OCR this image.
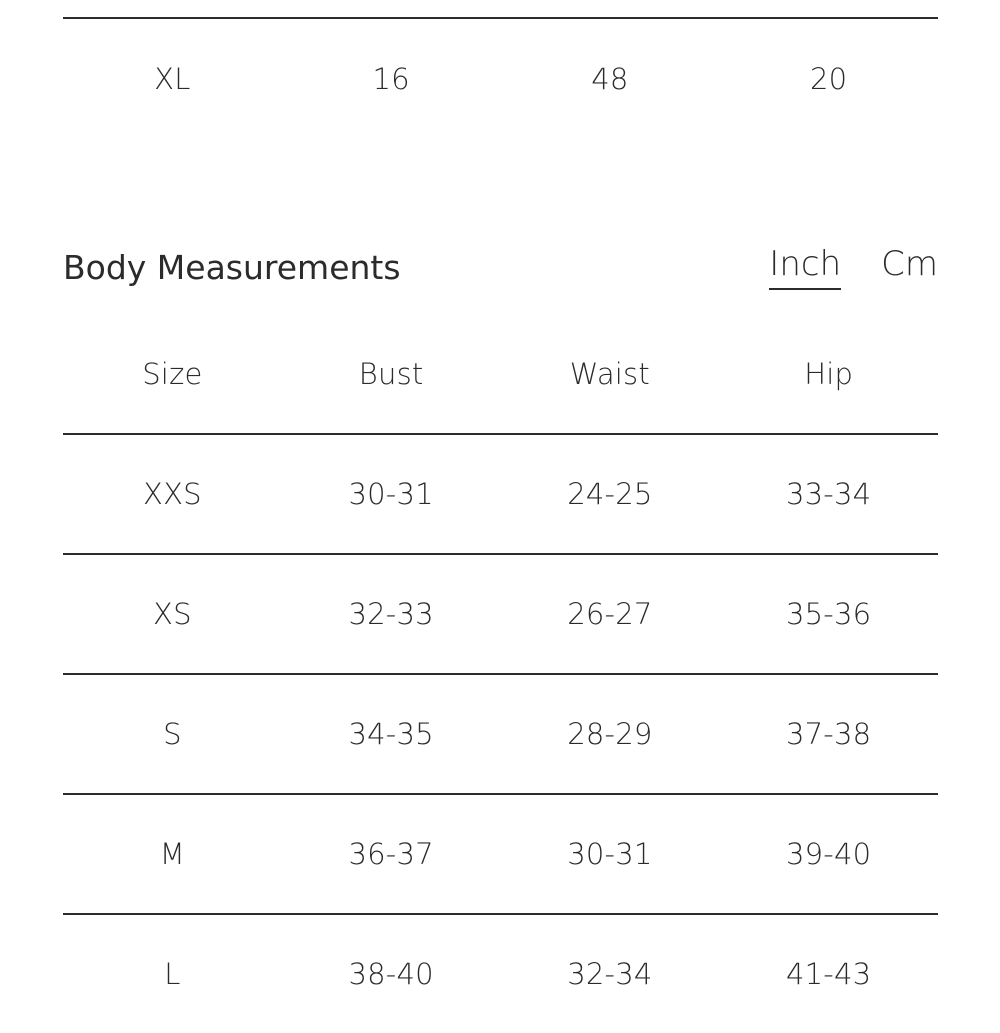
XL	16	48	20
Body Measurements	Inch Cm
Size	Bust	Waist	Hip
XXS	30-31	24-25	33-34
XS	32-33	26-27	35-36
S	34-35	28-29	37-38
M	36-37	30-31	39-40
L	38-40	32-34	41-43
